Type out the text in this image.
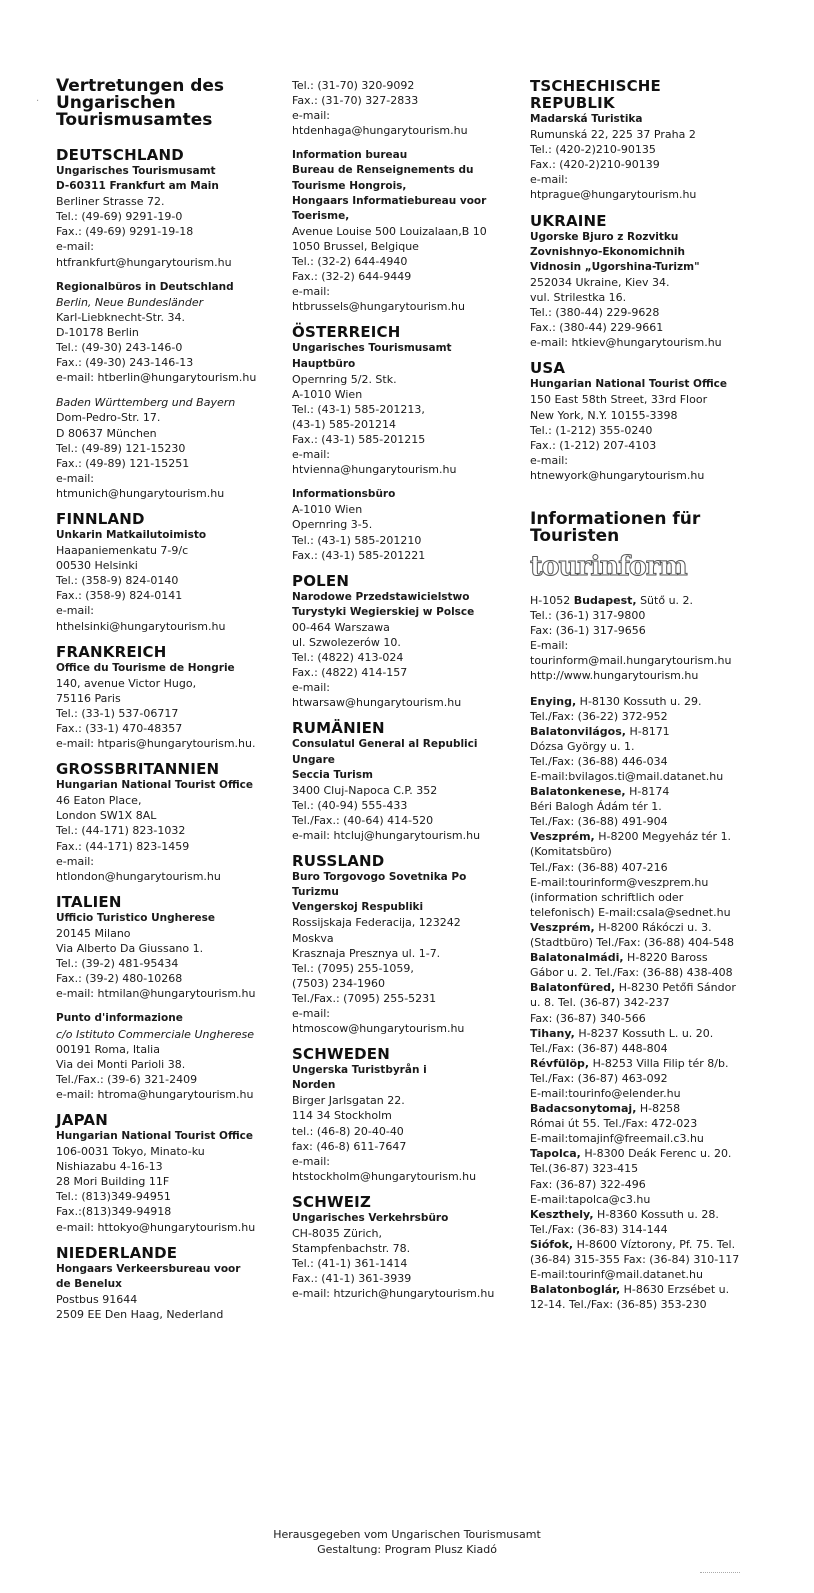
·
Vertretungen des
Ungarischen
Tourismusamtes
DEUTSCHLAND
Ungarisches Tourismusamt
D-60311 Frankfurt am Main
Berliner Strasse 72.
Tel.: (49-69) 9291-19-0
Fax.: (49-69) 9291-19-18
e-mail:
htfrankfurt@hungarytourism.hu
Regionalbüros in Deutschland
Berlin, Neue Bundesländer
Karl-Liebknecht-Str. 34.
D-10178 Berlin
Tel.: (49-30) 243-146-0
Fax.: (49-30) 243-146-13
e-mail: htberlin@hungarytourism.hu
Baden Württemberg und Bayern
Dom-Pedro-Str. 17.
D 80637 München
Tel.: (49-89) 121-15230
Fax.: (49-89) 121-15251
e-mail:
htmunich@hungarytourism.hu
FINNLAND
Unkarin Matkailutoimisto
Haapaniemenkatu 7-9/c
00530 Helsinki
Tel.: (358-9) 824-0140
Fax.: (358-9) 824-0141
e-mail:
hthelsinki@hungarytourism.hu
FRANKREICH
Office du Tourisme de Hongrie
140, avenue Victor Hugo,
75116 Paris
Tel.: (33-1) 537-06717
Fax.: (33-1) 470-48357
e-mail: htparis@hungarytourism.hu.
GROSSBRITANNIEN
Hungarian National Tourist Office
46 Eaton Place,
London SW1X 8AL
Tel.: (44-171) 823-1032
Fax.: (44-171) 823-1459
e-mail:
htlondon@hungarytourism.hu
ITALIEN
Ufficio Turistico Ungherese
20145 Milano
Via Alberto Da Giussano 1.
Tel.: (39-2) 481-95434
Fax.: (39-2) 480-10268
e-mail: htmilan@hungarytourism.hu
Punto d'informazione
c/o Istituto Commerciale Ungherese
00191 Roma, Italia
Via dei Monti Parioli 38.
Tel./Fax.: (39-6) 321-2409
e-mail: htroma@hungarytourism.hu
JAPAN
Hungarian National Tourist Office
106-0031 Tokyo, Minato-ku
Nishiazabu 4-16-13
28 Mori Building 11F
Tel.: (813)349-94951
Fax.:(813)349-94918
e-mail: httokyo@hungarytourism.hu
NIEDERLANDE
Hongaars Verkeersbureau voor
de Benelux
Postbus 91644
2509 EE Den Haag, Nederland
Tel.: (31-70) 320-9092
Fax.: (31-70) 327-2833
e-mail:
htdenhaga@hungarytourism.hu
Information bureau
Bureau de Renseignements du
Tourisme Hongrois,
Hongaars Informatiebureau voor
Toerisme,
Avenue Louise 500 Louizalaan,B 10
1050 Brussel, Belgique
Tel.: (32-2) 644-4940
Fax.: (32-2) 644-9449
e-mail:
htbrussels@hungarytourism.hu
ÖSTERREICH
Ungarisches Tourismusamt
Hauptbüro
Opernring 5/2. Stk.
A-1010 Wien
Tel.: (43-1) 585-201213,
(43-1) 585-201214
Fax.: (43-1) 585-201215
e-mail:
htvienna@hungarytourism.hu
Informationsbüro
A-1010 Wien
Opernring 3-5.
Tel.: (43-1) 585-201210
Fax.: (43-1) 585-201221
POLEN
Narodowe Przedstawicielstwo
Turystyki Wegierskiej w Polsce
00-464 Warszawa
ul. Szwolezerów 10.
Tel.: (4822) 413-024
Fax.: (4822) 414-157
e-mail:
htwarsaw@hungarytourism.hu
RUMÄNIEN
Consulatul General al Republici
Ungare
Seccia Turism
3400 Cluj-Napoca C.P. 352
Tel.: (40-94) 555-433
Tel./Fax.: (40-64) 414-520
e-mail: htcluj@hungarytourism.hu
RUSSLAND
Buro Torgovogo Sovetnika Po
Turizmu
Vengerskoj Respubliki
Rossijskaja Federacija, 123242
Moskva
Krasznaja Presznya ul. 1-7.
Tel.: (7095) 255-1059,
(7503) 234-1960
Tel./Fax.: (7095) 255-5231
e-mail:
htmoscow@hungarytourism.hu
SCHWEDEN
Ungerska Turistbyrån i
Norden
Birger Jarlsgatan 22.
114 34 Stockholm
tel.: (46-8) 20-40-40
fax: (46-8) 611-7647
e-mail:
htstockholm@hungarytourism.hu
SCHWEIZ
Ungarisches Verkehrsbüro
CH-8035 Zürich,
Stampfenbachstr. 78.
Tel.: (41-1) 361-1414
Fax.: (41-1) 361-3939
e-mail: htzurich@hungarytourism.hu
TSCHECHISCHE
REPUBLIK
Madarská Turistika
Rumunská 22, 225 37 Praha 2
Tel.: (420-2)210-90135
Fax.: (420-2)210-90139
e-mail:
htprague@hungarytourism.hu
UKRAINE
Ugorske Bjuro z Rozvitku
Zovnishnyo-Ekonomichnih
Vidnosin „Ugorshina-Turizm"
252034 Ukraine, Kiev 34.
vul. Strilestka 16.
Tel.: (380-44) 229-9628
Fax.: (380-44) 229-9661
e-mail: htkiev@hungarytourism.hu
USA
Hungarian National Tourist Office
150 East 58th Street, 33rd Floor
New York, N.Y. 10155-3398
Tel.: (1-212) 355-0240
Fax.: (1-212) 207-4103
e-mail:
htnewyork@hungarytourism.hu
Informationen für
Touristen
tourinform
H-1052 Budapest, Sütő u. 2.
Tel.: (36-1) 317-9800
Fax: (36-1) 317-9656
E-mail:
tourinform@mail.hungarytourism.hu
http://www.hungarytourism.hu
Enying, H-8130 Kossuth u. 29.
Tel./Fax: (36-22) 372-952
Balatonvilágos, H-8171
Dózsa György u. 1.
Tel./Fax: (36-88) 446-034
E-mail:bvilagos.ti@mail.datanet.hu
Balatonkenese, H-8174
Béri Balogh Ádám tér 1.
Tel./Fax: (36-88) 491-904
Veszprém, H-8200 Megyeház tér 1.
(Komitatsbüro)
Tel./Fax: (36-88) 407-216
E-mail:tourinform@veszprem.hu
(information schriftlich oder
telefonisch) E-mail:csala@sednet.hu
Veszprém, H-8200 Rákóczi u. 3.
(Stadtbüro) Tel./Fax: (36-88) 404-548
Balatonalmádi, H-8220 Baross
Gábor u. 2. Tel./Fax: (36-88) 438-408
Balatonfüred, H-8230 Petőfi Sándor
u. 8. Tel. (36-87) 342-237
Fax: (36-87) 340-566
Tihany, H-8237 Kossuth L. u. 20.
Tel./Fax: (36-87) 448-804
Révfülöp, H-8253 Villa Filip tér 8/b.
Tel./Fax: (36-87) 463-092
E-mail:tourinfo@elender.hu
Badacsonytomaj, H-8258
Római út 55. Tel./Fax: 472-023
E-mail:tomajinf@freemail.c3.hu
Tapolca, H-8300 Deák Ferenc u. 20.
Tel.(36-87) 323-415
Fax: (36-87) 322-496
E-mail:tapolca@c3.hu
Keszthely, H-8360 Kossuth u. 28.
Tel./Fax: (36-83) 314-144
Siófok, H-8600 Víztorony, Pf. 75. Tel.
(36-84) 315-355 Fax: (36-84) 310-117
E-mail:tourinf@mail.datanet.hu
Balatonboglár, H-8630 Erzsébet u.
12-14. Tel./Fax: (36-85) 353-230
Herausgegeben vom Ungarischen Tourismusamt
Gestaltung: Program Plusz Kiadó
